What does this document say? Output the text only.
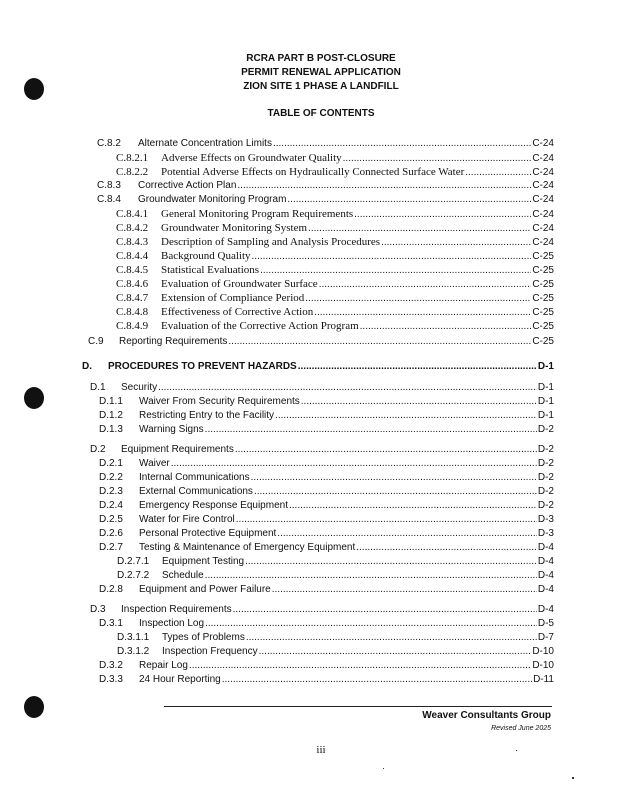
RCRA PART B POST-CLOSURE
PERMIT RENEWAL APPLICATION
ZION SITE 1 PHASE A LANDFILL
TABLE OF CONTENTS
C.8.2	Alternate Concentration Limits .....	C-24
C.8.2.1	Adverse Effects on Groundwater Quality .....	C-24
C.8.2.2	Potential Adverse Effects on Hydraulically Connected Surface Water .....	C-24
C.8.3	Corrective Action Plan .....	C-24
C.8.4	Groundwater Monitoring Program .....	C-24
C.8.4.1	General Monitoring Program Requirements .....	C-24
C.8.4.2	Groundwater Monitoring System .....	C-24
C.8.4.3	Description of Sampling and Analysis Procedures .....	C-24
C.8.4.4	Background Quality .....	C-25
C.8.4.5	Statistical Evaluations .....	C-25
C.8.4.6	Evaluation of Groundwater Surface .....	C-25
C.8.4.7	Extension of Compliance Period .....	C-25
C.8.4.8	Effectiveness of Corrective Action .....	C-25
C.8.4.9	Evaluation of the Corrective Action Program .....	C-25
C.9	Reporting Requirements .....	C-25
D.	PROCEDURES TO PREVENT HAZARDS .....	D-1
D.1	Security .....	D-1
D.1.1	Waiver From Security Requirements .....	D-1
D.1.2	Restricting Entry to the Facility .....	D-1
D.1.3	Warning Signs .....	D-2
D.2	Equipment Requirements .....	D-2
D.2.1	Waiver .....	D-2
D.2.2	Internal Communications .....	D-2
D.2.3	External Communications .....	D-2
D.2.4	Emergency Response Equipment .....	D-2
D.2.5	Water for Fire Control .....	D-3
D.2.6	Personal Protective Equipment .....	D-3
D.2.7	Testing & Maintenance of Emergency Equipment .....	D-4
D.2.7.1	Equipment Testing .....	D-4
D.2.7.2	Schedule .....	D-4
D.2.8	Equipment and Power Failure .....	D-4
D.3	Inspection Requirements .....	D-4
D.3.1	Inspection Log .....	D-5
D.3.1.1	Types of Problems .....	D-7
D.3.1.2	Inspection Frequency .....	D-10
D.3.2	Repair Log .....	D-10
D.3.3	24 Hour Reporting .....	D-11
Weaver Consultants Group
Revised June 2025
iii
